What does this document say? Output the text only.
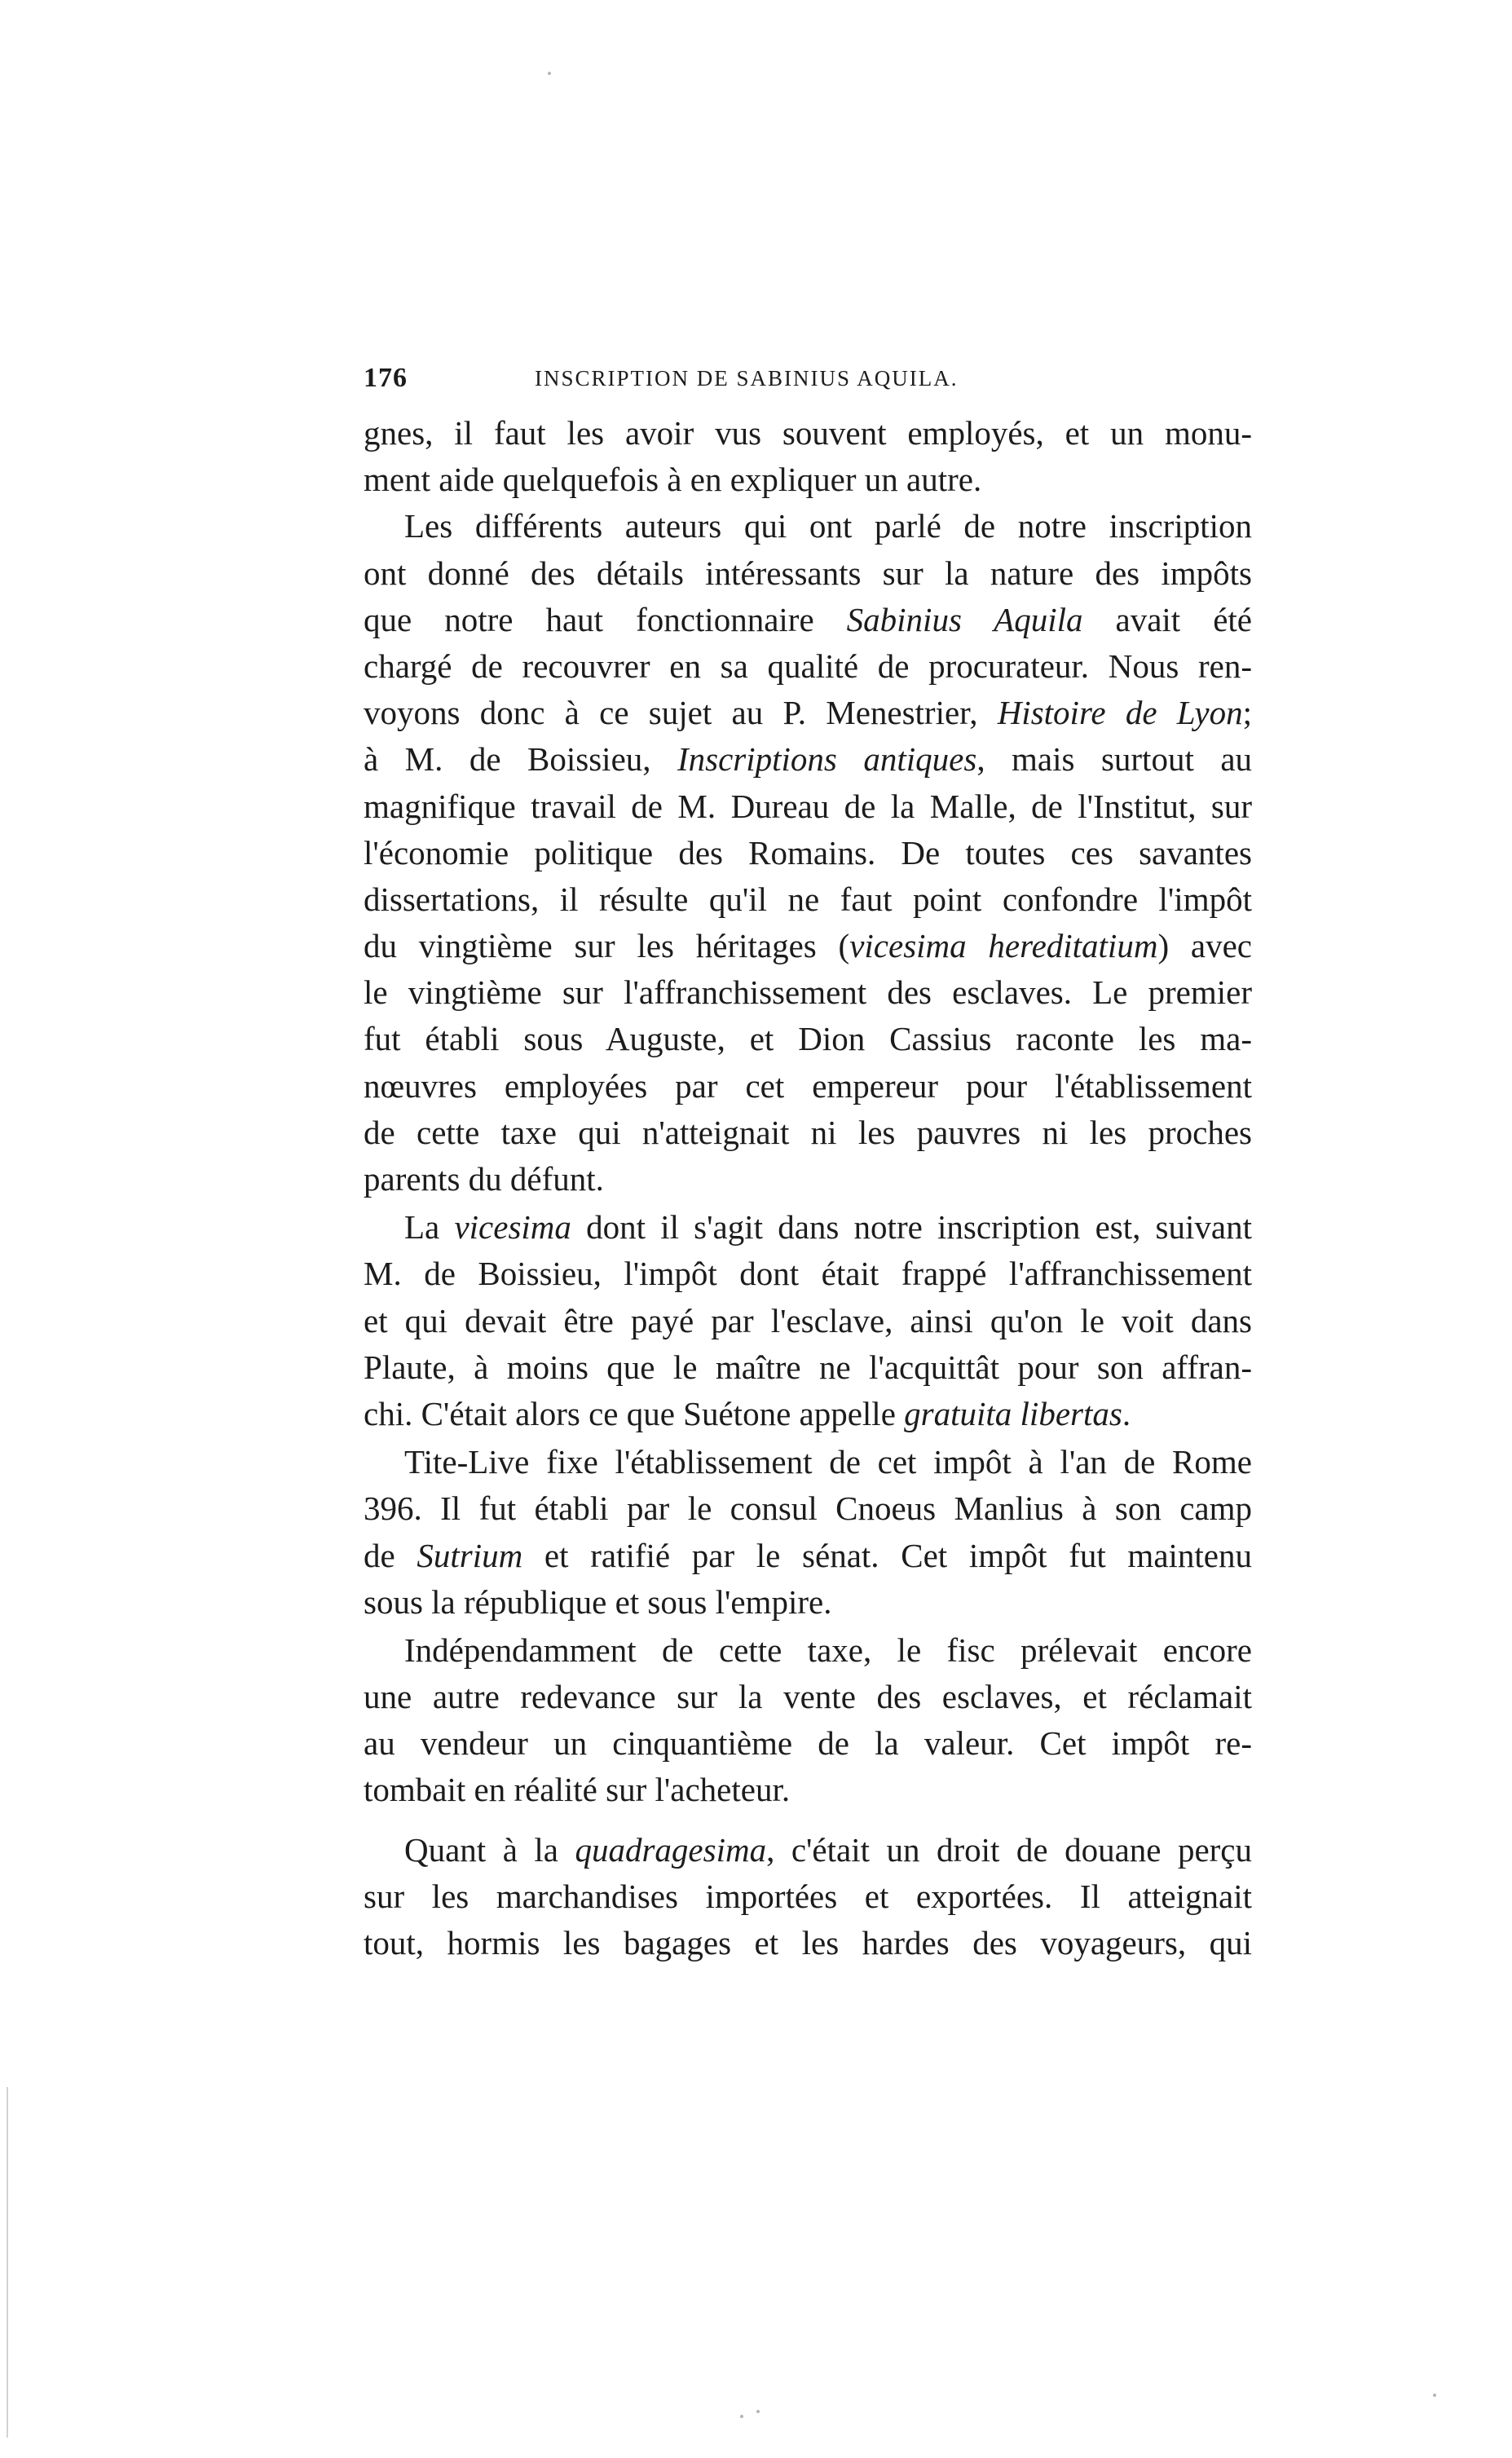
176	INSCRIPTION DE SABINIUS AQUILA.
gnes, il faut les avoir vus souvent employés, et un monu-
ment aide quelquefois à en expliquer un autre.
Les différents auteurs qui ont parlé de notre inscription
ont donné des détails intéressants sur la nature des impôts
que notre haut fonctionnaire Sabinius Aquila avait été
chargé de recouvrer en sa qualité de procurateur. Nous ren-
voyons donc à ce sujet au P. Menestrier, Histoire de Lyon;
à M. de Boissieu, Inscriptions antiques, mais surtout au
magnifique travail de M. Dureau de la Malle, de l'Institut, sur
l'économie politique des Romains. De toutes ces savantes
dissertations, il résulte qu'il ne faut point confondre l'impôt
du vingtième sur les héritages (vicesima hereditatium) avec
le vingtième sur l'affranchissement des esclaves. Le premier
fut établi sous Auguste, et Dion Cassius raconte les ma-
nœuvres employées par cet empereur pour l'établissement
de cette taxe qui n'atteignait ni les pauvres ni les proches
parents du défunt.
La vicesima dont il s'agit dans notre inscription est, suivant
M. de Boissieu, l'impôt dont était frappé l'affranchissement
et qui devait être payé par l'esclave, ainsi qu'on le voit dans
Plaute, à moins que le maître ne l'acquittât pour son affran-
chi. C'était alors ce que Suétone appelle gratuita libertas.
Tite-Live fixe l'établissement de cet impôt à l'an de Rome
396. Il fut établi par le consul Cnoeus Manlius à son camp
de Sutrium et ratifié par le sénat. Cet impôt fut maintenu
sous la république et sous l'empire.
Indépendamment de cette taxe, le fisc prélevait encore
une autre redevance sur la vente des esclaves, et réclamait
au vendeur un cinquantième de la valeur. Cet impôt re-
tombait en réalité sur l'acheteur.
Quant à la quadragesima, c'était un droit de douane perçu
sur les marchandises importées et exportées. Il atteignait
tout, hormis les bagages et les hardes des voyageurs, qui
